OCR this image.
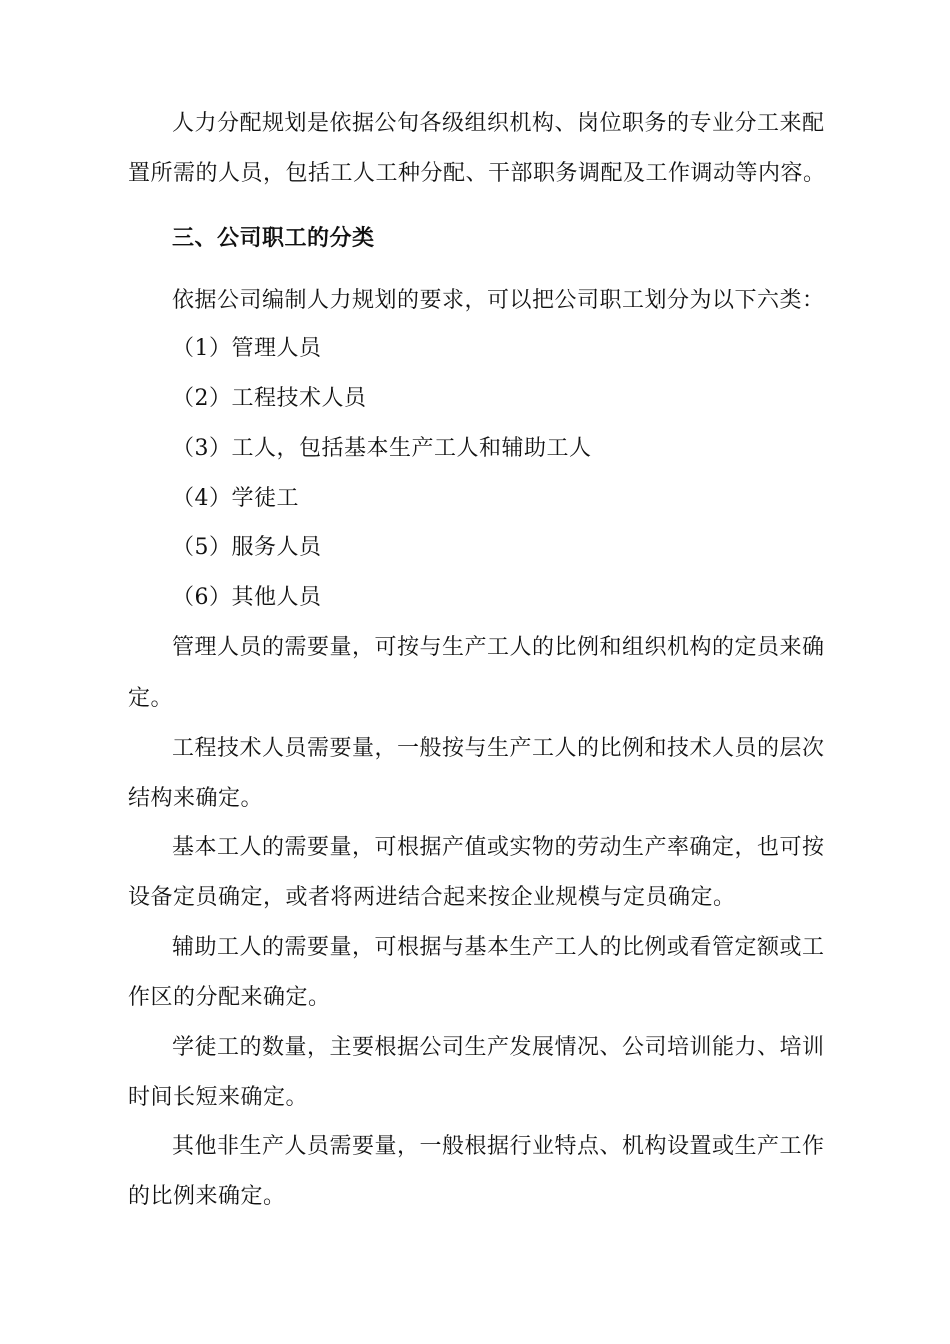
人力分配规划是依据公旬各级组织机构、岗位职务的专业分工来配
置所需的人员，包括工人工种分配、干部职务调配及工作调动等内容。
三、公司职工的分类
依据公司编制人力规划的要求，可以把公司职工划分为以下六类：
（1）管理人员
（2）工程技术人员
（3）工人，包括基本生产工人和辅助工人
（4）学徒工
（5）服务人员
（6）其他人员
管理人员的需要量，可按与生产工人的比例和组织机构的定员来确
定。
工程技术人员需要量，一般按与生产工人的比例和技术人员的层次
结构来确定。
基本工人的需要量，可根据产值或实物的劳动生产率确定，也可按
设备定员确定，或者将两进结合起来按企业规模与定员确定。
辅助工人的需要量，可根据与基本生产工人的比例或看管定额或工
作区的分配来确定。
学徒工的数量，主要根据公司生产发展情况、公司培训能力、培训
时间长短来确定。
其他非生产人员需要量，一般根据行业特点、机构设置或生产工作
的比例来确定。
